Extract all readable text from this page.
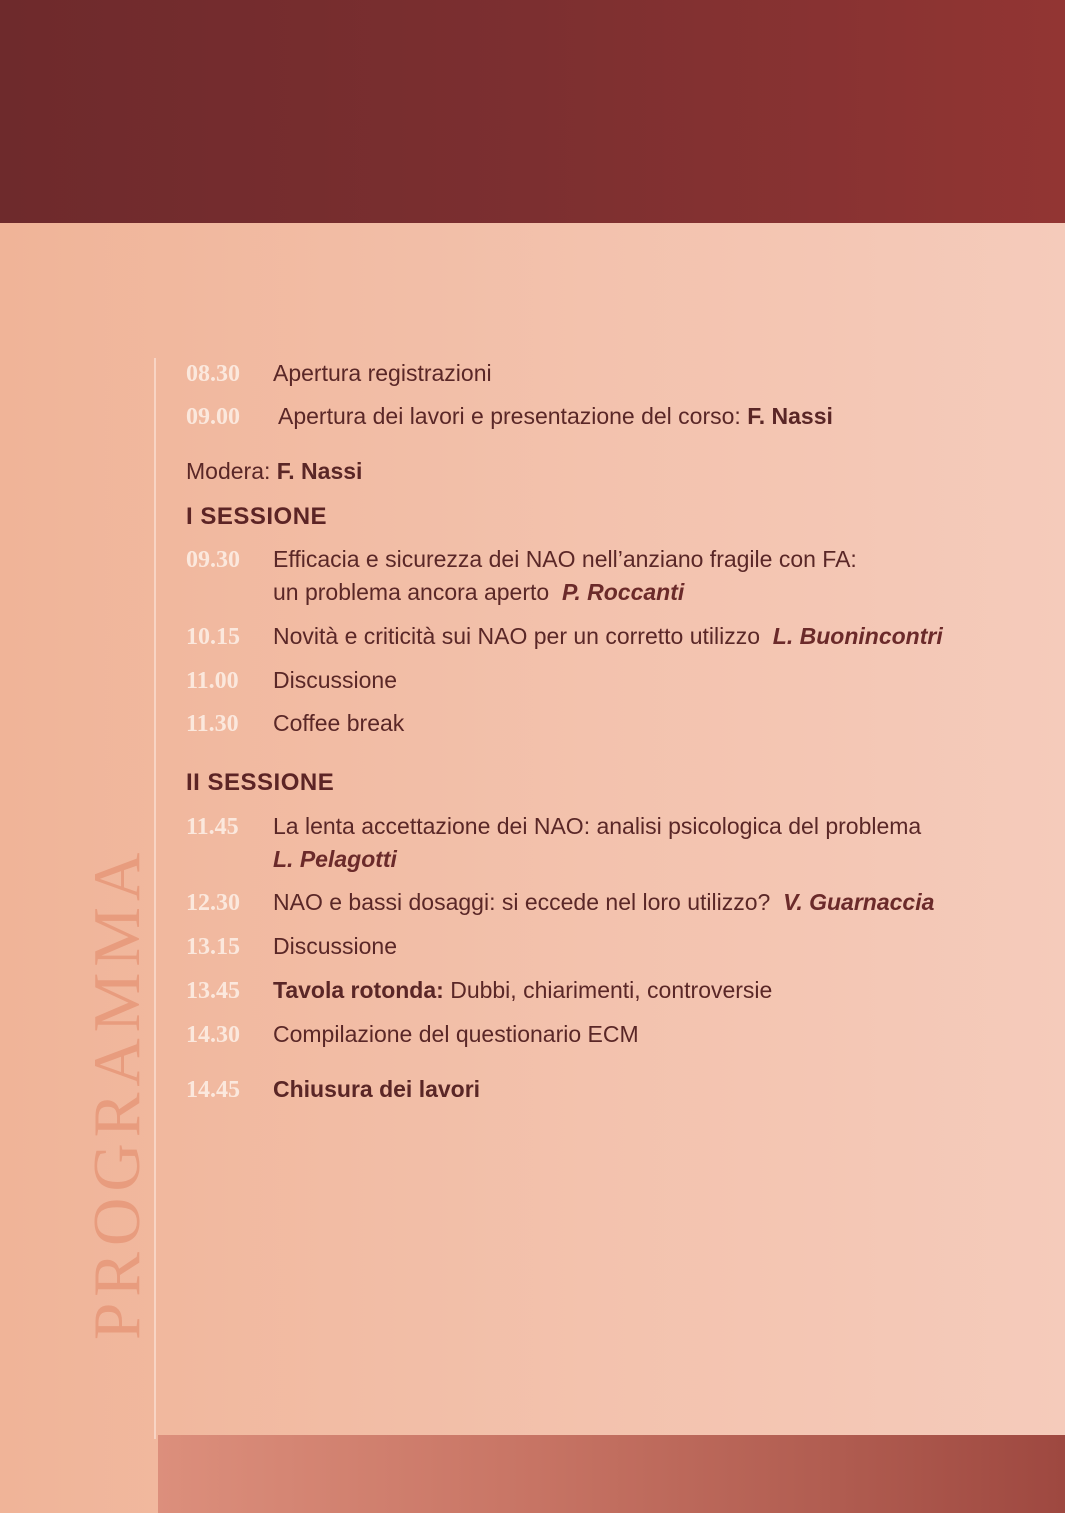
PROGRAMMA
08.30 Apertura registrazioni
09.00 Apertura dei lavori e presentazione del corso: F. Nassi
Modera: F. Nassi
I SESSIONE
09.30 Efficacia e sicurezza dei NAO nell’anziano fragile con FA:
un problema ancora aperto P. Roccanti
10.15 Novità e criticità sui NAO per un corretto utilizzo L. Buonincontri
11.00 Discussione
11.30 Coffee break
II SESSIONE
11.45 La lenta accettazione dei NAO: analisi psicologica del problema
L. Pelagotti
12.30 NAO e bassi dosaggi: si eccede nel loro utilizzo? V. Guarnaccia
13.15 Discussione
13.45 Tavola rotonda: Dubbi, chiarimenti, controversie
14.30 Compilazione del questionario ECM
14.45 Chiusura dei lavori
